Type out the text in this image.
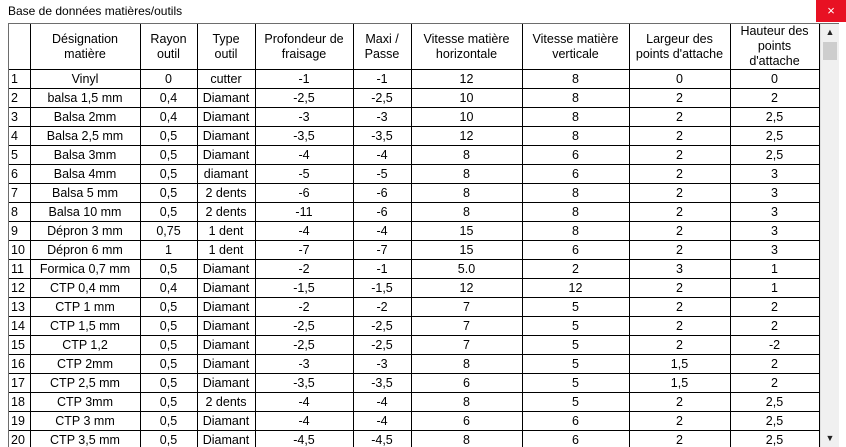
Base de données matières/outils	×
	Désignation matière	Rayon outil	Type outil	Profondeur de fraisage	Maxi / Passe	Vitesse matière horizontale	Vitesse matière verticale	Largeur des points d'attache	Hauteur des points d'attache
1	Vinyl	0	cutter	-1	-1	12	8	0	0
2	balsa 1,5 mm	0,4	Diamant	-2,5	-2,5	10	8	2	2
3	Balsa 2mm	0,4	Diamant	-3	-3	10	8	2	2,5
4	Balsa 2,5 mm	0,5	Diamant	-3,5	-3,5	12	8	2	2,5
5	Balsa 3mm	0,5	Diamant	-4	-4	8	6	2	2,5
6	Balsa 4mm	0,5	diamant	-5	-5	8	6	2	3
7	Balsa 5 mm	0,5	2 dents	-6	-6	8	8	2	3
8	Balsa 10 mm	0,5	2 dents	-11	-6	8	8	2	3
9	Dépron 3 mm	0,75	1 dent	-4	-4	15	8	2	3
10	Dépron 6 mm	1	1 dent	-7	-7	15	6	2	3
11	Formica 0,7 mm	0,5	Diamant	-2	-1	5.0	2	3	1
12	CTP 0,4 mm	0,4	Diamant	-1,5	-1,5	12	12	2	1
13	CTP 1 mm	0,5	Diamant	-2	-2	7	5	2	2
14	CTP 1,5 mm	0,5	Diamant	-2,5	-2,5	7	5	2	2
15	CTP 1,2	0,5	Diamant	-2,5	-2,5	7	5	2	-2
16	CTP 2mm	0,5	Diamant	-3	-3	8	5	1,5	2
17	CTP 2,5 mm	0,5	Diamant	-3,5	-3,5	6	5	1,5	2
18	CTP 3mm	0,5	2 dents	-4	-4	8	5	2	2,5
19	CTP 3 mm	0,5	Diamant	-4	-4	6	6	2	2,5
20	CTP 3,5 mm	0,5	Diamant	-4,5	-4,5	8	6	2	2,5
▲
▼
